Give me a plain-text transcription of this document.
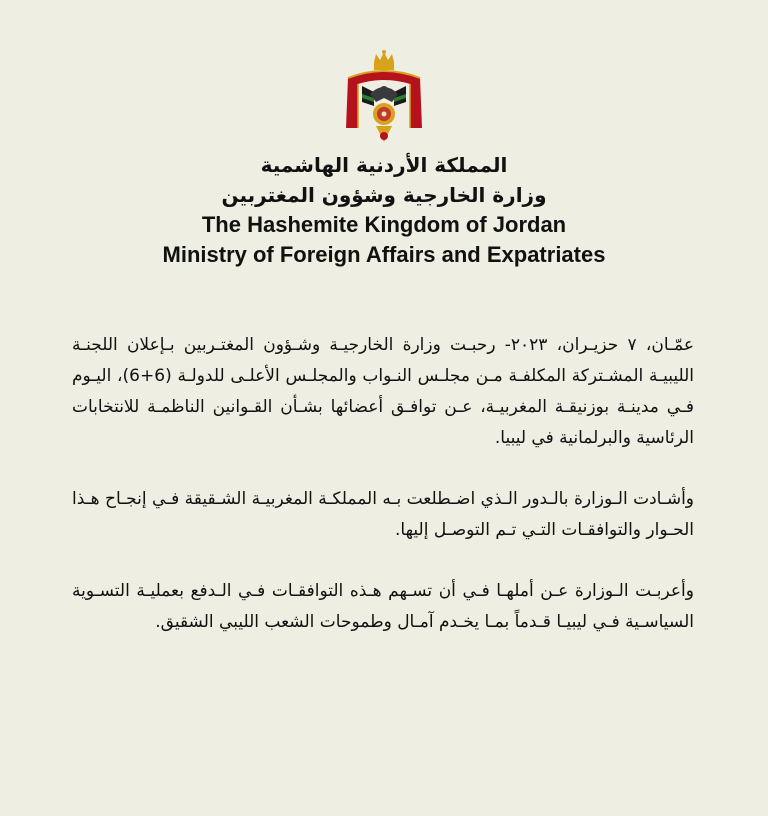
المملكة الأردنية الهاشمية
وزارة الخارجية وشؤون المغتربين
The Hashemite Kingdom of Jordan
Ministry of Foreign Affairs and Expatriates

عمّـان، ٧ حزيـران، ٢٠٢٣- رحبـت وزارة الخارجيـة وشـؤون المغتـربين بـإعلان اللجنـة الليبيـة المشـتركة المكلفـة مـن مجلـس النـواب والمجلـس الأعلـى للدولـة (6+6)، اليـوم فـي مدينـة بوزنيقـة المغربيـة، عـن توافـق أعضائها بشـأن القـوانين الناظمـة للانتخابات الرئاسية والبرلمانية في ليبيا.

وأشـادت الـوزارة بالـدور الـذي اضـطلعت بـه المملكـة المغربيـة الشـقيقة فـي إنجـاح هـذا الحـوار والتوافقـات التـي تـم التوصـل إليها.

وأعربـت الـوزارة عـن أملهـا فـي أن تسـهم هـذه التوافقـات فـي الـدفع بعمليـة التسـوية السياسـية فـي ليبيـا قـدماً بمـا يخـدم آمـال وطموحات الشعب الليبي الشقيق.
